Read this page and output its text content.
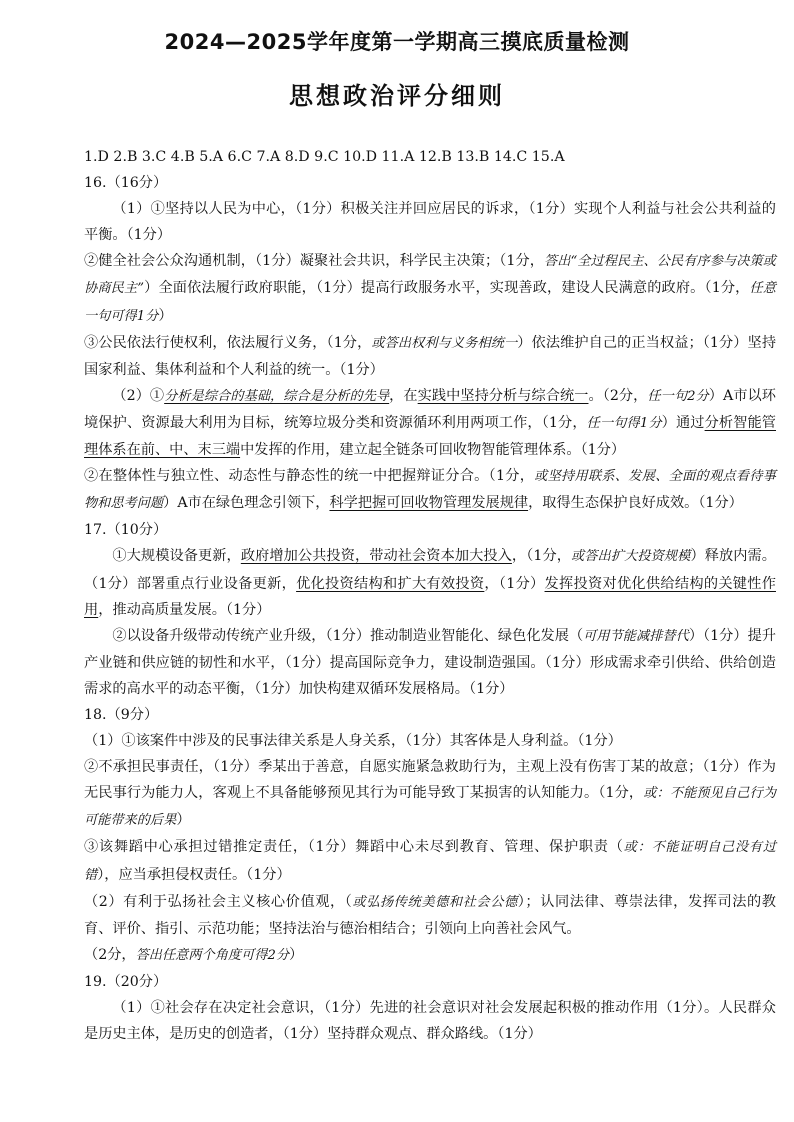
2024—2025学年度第一学期高三摸底质量检测
思想政治评分细则

1.D 2.B 3.C 4.B 5.A 6.C 7.A 8.D 9.C 10.D 11.A 12.B 13.B 14.C 15.A

16.（16分）

（1）①坚持以人民为中心，（1分）积极关注并回应居民的诉求，（1分）实现个人利益与社会公共利益的平衡。（1分）

②健全社会公众沟通机制，（1分）凝聚社会共识，科学民主决策；（1分，答出“全过程民主、公民有序参与决策或协商民主”）全面依法履行政府职能，（1分）提高行政服务水平，实现善政，建设人民满意的政府。（1分，任意一句可得1分）

③公民依法行使权利，依法履行义务，（1分，或答出权利与义务相统一）依法维护自己的正当权益；（1分）坚持国家利益、集体利益和个人利益的统一。（1分）

（2）①分析是综合的基础，综合是分析的先导，在实践中坚持分析与综合统一。（2分，任一句2分）A市以环境保护、资源最大利用为目标，统筹垃圾分类和资源循环利用两项工作，（1分，任一句得1分）通过分析智能管理体系在前、中、末三端中发挥的作用，建立起全链条可回收物智能管理体系。（1分）

②在整体性与独立性、动态性与静态性的统一中把握辩证分合。（1分，或坚持用联系、发展、全面的观点看待事物和思考问题）A市在绿色理念引领下，科学把握可回收物管理发展规律，取得生态保护良好成效。（1分）

17.（10分）

①大规模设备更新，政府增加公共投资，带动社会资本加大投入，（1分，或答出扩大投资规模）释放内需。（1分）部署重点行业设备更新，优化投资结构和扩大有效投资，（1分）发挥投资对优化供给结构的关键性作用，推动高质量发展。（1分）

②以设备升级带动传统产业升级，（1分）推动制造业智能化、绿色化发展（可用节能减排替代）（1分）提升产业链和供应链的韧性和水平，（1分）提高国际竞争力，建设制造强国。（1分）形成需求牵引供给、供给创造需求的高水平的动态平衡，（1分）加快构建双循环发展格局。（1分）

18.（9分）

（1）①该案件中涉及的民事法律关系是人身关系，（1分）其客体是人身利益。（1分）

②不承担民事责任，（1分）季某出于善意，自愿实施紧急救助行为，主观上没有伤害丁某的故意；（1分）作为无民事行为能力人，客观上不具备能够预见其行为可能导致丁某损害的认知能力。（1分，或：不能预见自己行为可能带来的后果）

③该舞蹈中心承担过错推定责任，（1分）舞蹈中心未尽到教育、管理、保护职责（或：不能证明自己没有过错），应当承担侵权责任。（1分）

（2）有利于弘扬社会主义核心价值观，（或弘扬传统美德和社会公德）；认同法律、尊崇法律，发挥司法的教育、评价、指引、示范功能；坚持法治与德治相结合；引领向上向善社会风气。

（2分，答出任意两个角度可得2分）

19.（20分）

（1）①社会存在决定社会意识，（1分）先进的社会意识对社会发展起积极的推动作用（1分）。人民群众是历史主体，是历史的创造者，（1分）坚持群众观点、群众路线。（1分）
